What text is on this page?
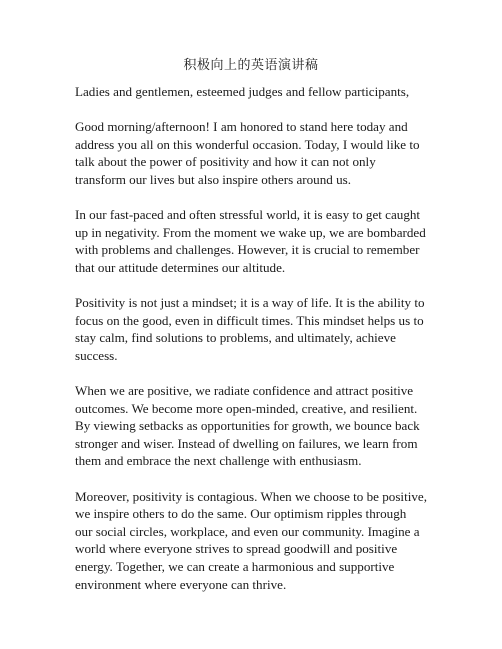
积极向上的英语演讲稿

Ladies and gentlemen, esteemed judges and fellow participants,

Good morning/afternoon! I am honored to stand here today and address you all on this wonderful occasion. Today, I would like to talk about the power of positivity and how it can not only transform our lives but also inspire others around us.

In our fast-paced and often stressful world, it is easy to get caught up in negativity. From the moment we wake up, we are bombarded with problems and challenges. However, it is crucial to remember that our attitude determines our altitude.

Positivity is not just a mindset; it is a way of life. It is the ability to focus on the good, even in difficult times. This mindset helps us to stay calm, find solutions to problems, and ultimately, achieve success.

When we are positive, we radiate confidence and attract positive outcomes. We become more open-minded, creative, and resilient. By viewing setbacks as opportunities for growth, we bounce back stronger and wiser. Instead of dwelling on failures, we learn from them and embrace the next challenge with enthusiasm.

Moreover, positivity is contagious. When we choose to be positive, we inspire others to do the same. Our optimism ripples through our social circles, workplace, and even our community. Imagine a world where everyone strives to spread goodwill and positive energy. Together, we can create a harmonious and supportive environment where everyone can thrive.
